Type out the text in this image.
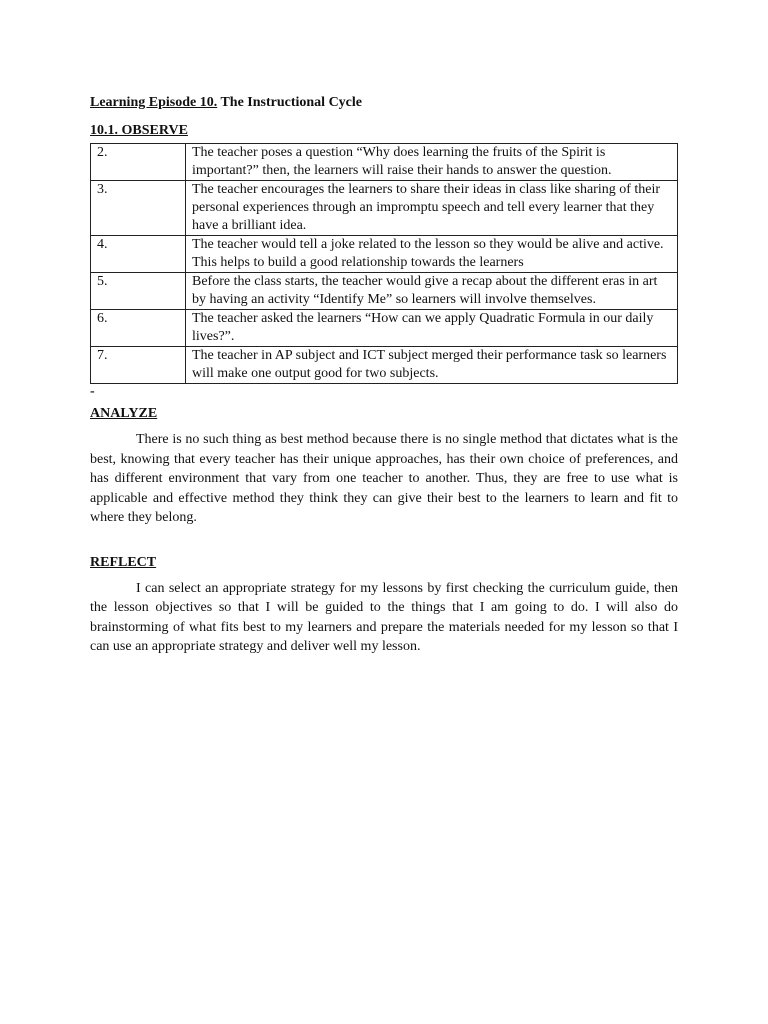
Learning Episode 10. The Instructional Cycle

10.1. OBSERVE

2.	The teacher poses a question “Why does learning the fruits of the Spirit is important?” then, the learners will raise their hands to answer the question.
3.	The teacher encourages the learners to share their ideas in class like sharing of their personal experiences through an impromptu speech and tell every learner that they have a brilliant idea.
4.	The teacher would tell a joke related to the lesson so they would be alive and active. This helps to build a good relationship towards the learners
5.	Before the class starts, the teacher would give a recap about the different eras in art by having an activity “Identify Me” so learners will involve themselves.
6.	The teacher asked the learners “How can we apply Quadratic Formula in our daily lives?”.
7.	The teacher in AP subject and ICT subject merged their performance task so learners will make one output good for two subjects.
-

ANALYZE

There is no such thing as best method because there is no single method that dictates what is the best, knowing that every teacher has their unique approaches, has their own choice of preferences, and has different environment that vary from one teacher to another. Thus, they are free to use what is applicable and effective method they think they can give their best to the learners to learn and fit to where they belong.

REFLECT

I can select an appropriate strategy for my lessons by first checking the curriculum guide, then the lesson objectives so that I will be guided to the things that I am going to do. I will also do brainstorming of what fits best to my learners and prepare the materials needed for my lesson so that I can use an appropriate strategy and deliver well my lesson.
